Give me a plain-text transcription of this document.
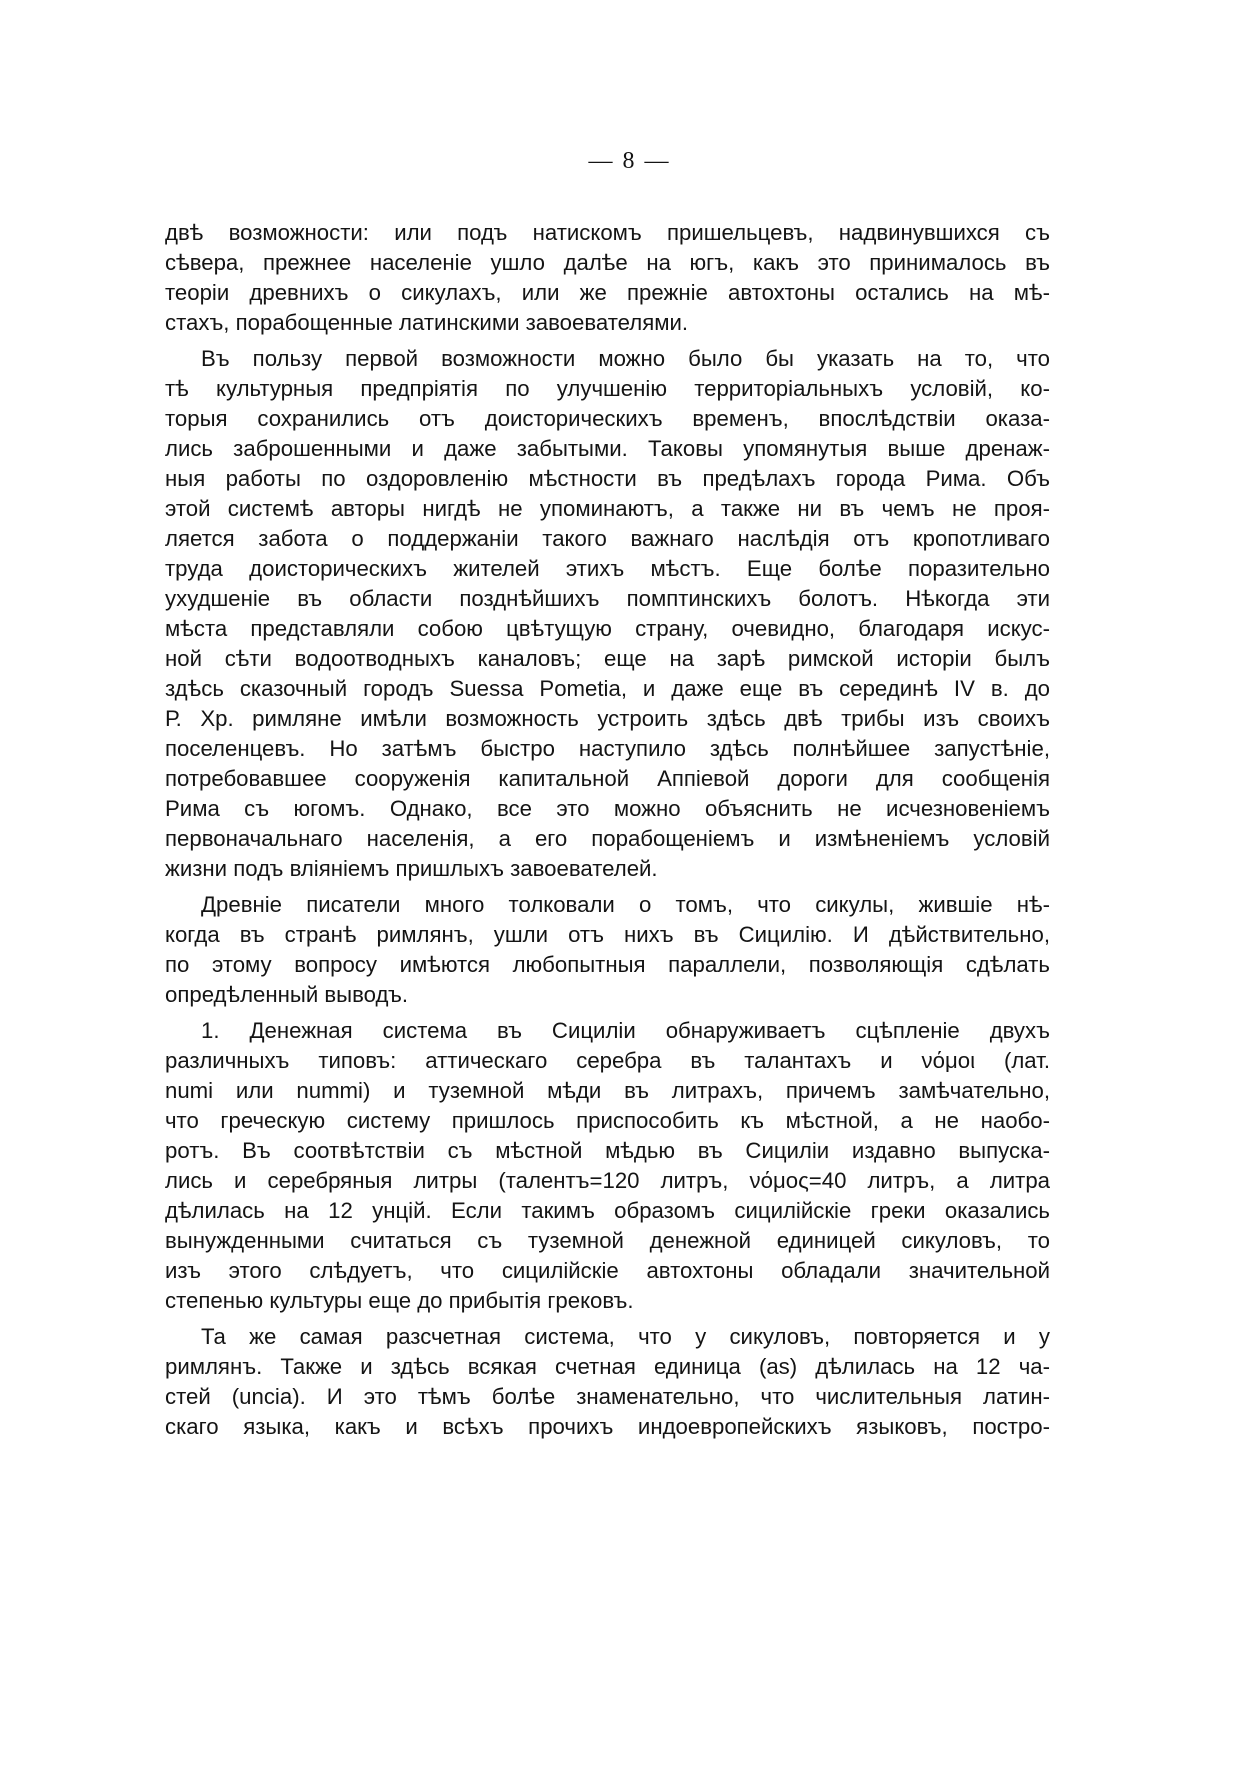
— 8 —
двѣ возможности: или подъ натискомъ пришельцевъ, надвинувшихся съ
сѣвера, прежнее населеніе ушло далѣе на югъ, какъ это принималось въ
теоріи древнихъ о сикулахъ, или же прежніе автохтоны остались на мѣ-
стахъ, порабощенные латинскими завоевателями.
Въ пользу первой возможности можно было бы указать на то, что
тѣ культурныя предпріятія по улучшенію территоріальныхъ условій, ко-
торыя сохранились отъ доисторическихъ временъ, впослѣдствіи оказа-
лись заброшенными и даже забытыми. Таковы упомянутыя выше дренаж-
ныя работы по оздоровленію мѣстности въ предѣлахъ города Рима. Объ
этой системѣ авторы нигдѣ не упоминаютъ, а также ни въ чемъ не проя-
ляется забота о поддержаніи такого важнаго наслѣдія отъ кропотливаго
труда доисторическихъ жителей этихъ мѣстъ. Еще болѣе поразительно
ухудшеніе въ области позднѣйшихъ помптинскихъ болотъ. Нѣкогда эти
мѣста представляли собою цвѣтущую страну, очевидно, благодаря искус-
ной сѣти водоотводныхъ каналовъ; еще на зарѣ римской исторіи былъ
здѣсь сказочный городъ Suessa Pometia, и даже еще въ серединѣ IV в. до
Р. Хр. римляне имѣли возможность устроить здѣсь двѣ трибы изъ своихъ
поселенцевъ. Но затѣмъ быстро наступило здѣсь полнѣйшее запустѣніе,
потребовавшее сооруженія капитальной Аппіевой дороги для сообщенія
Рима съ югомъ. Однако, все это можно объяснить не исчезновеніемъ
первоначальнаго населенія, а его порабощеніемъ и измѣненіемъ условій
жизни подъ вліяніемъ пришлыхъ завоевателей.
Древніе писатели много толковали о томъ, что сикулы, жившіе нѣ-
когда въ странѣ римлянъ, ушли отъ нихъ въ Сицилію. И дѣйствительно,
по этому вопросу имѣются любопытныя параллели, позволяющія сдѣлать
опредѣленный выводъ.
1. Денежная система въ Сициліи обнаруживаетъ сцѣпленіе двухъ
различныхъ типовъ: аттическаго серебра въ талантахъ и νόμοι (лат.
numi или nummi) и туземной мѣди въ литрахъ, причемъ замѣчательно,
что греческую систему пришлось приспособить къ мѣстной, а не наобо-
ротъ. Въ соотвѣтствіи съ мѣстной мѣдью въ Сициліи издавно выпуска-
лись и серебряныя литры (талентъ=120 литръ, νόμος=40 литръ, а литра
дѣлилась на 12 унцій. Если такимъ образомъ сицилійскіе греки оказались
вынужденными считаться съ туземной денежной единицей сикуловъ, то
изъ этого слѣдуетъ, что сицилійскіе автохтоны обладали значительной
степенью культуры еще до прибытія грековъ.
Та же самая разсчетная система, что у сикуловъ, повторяется и у
римлянъ. Также и здѣсь всякая счетная единица (as) дѣлилась на 12 ча-
стей (uncia). И это тѣмъ болѣе знаменательно, что числительныя латин-
скаго языка, какъ и всѣхъ прочихъ индоевропейскихъ языковъ, постро-
